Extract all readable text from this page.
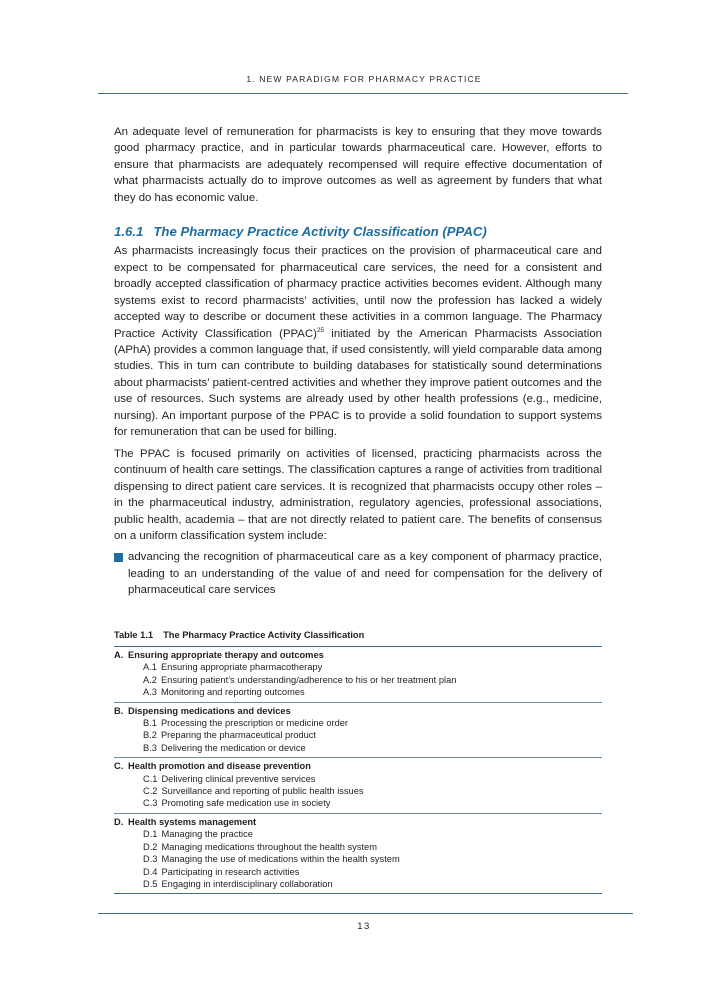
1. NEW PARADIGM FOR PHARMACY PRACTICE

An adequate level of remuneration for pharmacists is key to ensuring that they move towards good pharmacy practice, and in particular towards pharmaceutical care. However, efforts to ensure that pharmacists are adequately recompensed will require effective documentation of what pharmacists actually do to improve outcomes as well as agreement by funders that what they do has economic value.

1.6.1 The Pharmacy Practice Activity Classification (PPAC)

As pharmacists increasingly focus their practices on the provision of pharmaceutical care and expect to be compensated for pharmaceutical care services, the need for a consistent and broadly accepted classification of pharmacy practice activities becomes evident. Although many systems exist to record pharmacists’ activities, until now the profession has lacked a widely accepted way to describe or document these activities in a common language. The Pharmacy Practice Activity Classification (PPAC)$^{25}$ initiated by the American Pharmacists Association (APhA) provides a common language that, if used consistently, will yield comparable data among studies. This in turn can contribute to building databases for statistically sound determinations about pharmacists’ patient-centred activities and whether they improve patient outcomes and the use of resources. Such systems are already used by other health professions (e.g., medicine, nursing). An important purpose of the PPAC is to provide a solid foundation to support systems for remuneration that can be used for billing.

The PPAC is focused primarily on activities of licensed, practicing pharmacists across the continuum of health care settings. The classification captures a range of activities from traditional dispensing to direct patient care services. It is recognized that pharmacists occupy other roles – in the pharmaceutical industry, administration, regulatory agencies, professional associations, public health, academia – that are not directly related to patient care. The benefits of consensus on a uniform classification system include:

advancing the recognition of pharmaceutical care as a key component of pharmacy practice, leading to an understanding of the value of and need for compensation for the delivery of pharmaceutical care services
Table 1.1 The Pharmacy Practice Activity Classification
A. Ensuring appropriate therapy and outcomes
A.1 Ensuring appropriate pharmacotherapy
A.2 Ensuring patient’s understanding/adherence to his or her treatment plan
A.3 Monitoring and reporting outcomes
B. Dispensing medications and devices
B.1 Processing the prescription or medicine order
B.2 Preparing the pharmaceutical product
B.3 Delivering the medication or device
C. Health promotion and disease prevention
C.1 Delivering clinical preventive services
C.2 Surveillance and reporting of public health issues
C.3 Promoting safe medication use in society
D. Health systems management
D.1 Managing the practice
D.2 Managing medications throughout the health system
D.3 Managing the use of medications within the health system
D.4 Participating in research activities
D.5 Engaging in interdisciplinary collaboration
13
